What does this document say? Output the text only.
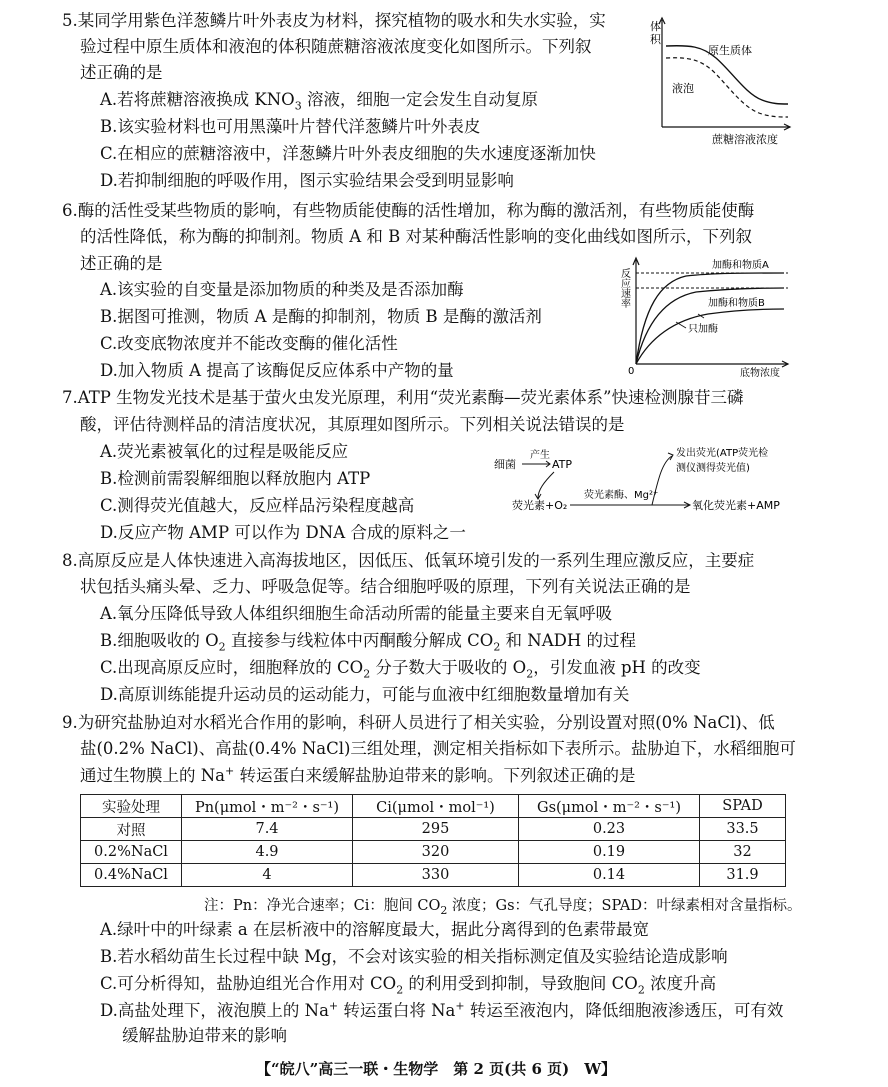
5.某同学用紫色洋葱鳞片叶外表皮为材料，探究植物的吸水和失水实验，实
验过程中原生质体和液泡的体积随蔗糖溶液浓度变化如图所示。下列叙
述正确的是
A.若将蔗糖溶液换成 $KNO_3$ 溶液，细胞一定会发生自动复原
B.该实验材料也可用黑藻叶片替代洋葱鳞片叶外表皮
C.在相应的蔗糖溶液中，洋葱鳞片叶外表皮细胞的失水速度逐渐加快
D.若抑制细胞的呼吸作用，图示实验结果会受到明显影响
体
积
原生质体
液泡
蔗糖溶液浓度
6.酶的活性受某些物质的影响，有些物质能使酶的活性增加，称为酶的激活剂，有些物质能使酶
的活性降低，称为酶的抑制剂。物质 A 和 B 对某种酶活性影响的变化曲线如图所示，下列叙
述正确的是
A.该实验的自变量是添加物质的种类及是否添加酶
B.据图可推测，物质 A 是酶的抑制剂，物质 B 是酶的激活剂
C.改变底物浓度并不能改变酶的催化活性
D.加入物质 A 提高了该酶促反应体系中产物的量
反应速率
加酶和物质A
加酶和物质B
只加酶
0	底物浓度
7.ATP 生物发光技术是基于萤火虫发光原理，利用“荧光素酶—荧光素体系”快速检测腺苷三磷
酸，评估待测样品的清洁度状况，其原理如图所示。下列相关说法错误的是
A.荧光素被氧化的过程是吸能反应
B.检测前需裂解细胞以释放胞内 ATP
C.测得荧光值越大，反应样品污染程度越高
D.反应产物 AMP 可以作为 DNA 合成的原料之一
细菌
产生
ATP
荧光素+O₂
荧光素酶、Mg²⁺
氧化荧光素+AMP
发出荧光(ATP荧光检
测仪测得荧光值)
8.高原反应是人体快速进入高海拔地区，因低压、低氧环境引发的一系列生理应激反应，主要症
状包括头痛头晕、乏力、呼吸急促等。结合细胞呼吸的原理，下列有关说法正确的是
A.氧分压降低导致人体组织细胞生命活动所需的能量主要来自无氧呼吸
B.细胞吸收的 $O_2$ 直接参与线粒体中丙酮酸分解成 $CO_2$ 和 NADH 的过程
C.出现高原反应时，细胞释放的 $CO_2$ 分子数大于吸收的 $O_2$，引发血液 pH 的改变
D.高原训练能提升运动员的运动能力，可能与血液中红细胞数量增加有关
9.为研究盐胁迫对水稻光合作用的影响，科研人员进行了相关实验，分别设置对照(0% NaCl)、低
盐(0.2% NaCl)、高盐(0.4% NaCl)三组处理，测定相关指标如下表所示。盐胁迫下，水稻细胞可
通过生物膜上的 Na+ 转运蛋白来缓解盐胁迫带来的影响。下列叙述正确的是
实验处理	Pn(μmol・m⁻²・s⁻¹)	Ci(μmol・mol⁻¹)	Gs(μmol・m⁻²・s⁻¹)	SPAD
对照	7.4	295	0.23	33.5
0.2%NaCl	4.9	320	0.19	32
0.4%NaCl	4	330	0.14	31.9
注：Pn：净光合速率；Ci：胞间 $CO_2$ 浓度；Gs：气孔导度；SPAD：叶绿素相对含量指标。
A.绿叶中的叶绿素 a 在层析液中的溶解度最大，据此分离得到的色素带最宽
B.若水稻幼苗生长过程中缺 Mg，不会对该实验的相关指标测定值及实验结论造成影响
C.可分析得知，盐胁迫组光合作用对 $CO_2$ 的利用受到抑制，导致胞间 $CO_2$ 浓度升高
D.高盐处理下，液泡膜上的 Na+ 转运蛋白将 Na+ 转运至液泡内，降低细胞液渗透压，可有效
缓解盐胁迫带来的影响
【“皖八”高三一联・生物学　第 2 页(共 6 页)　W】
